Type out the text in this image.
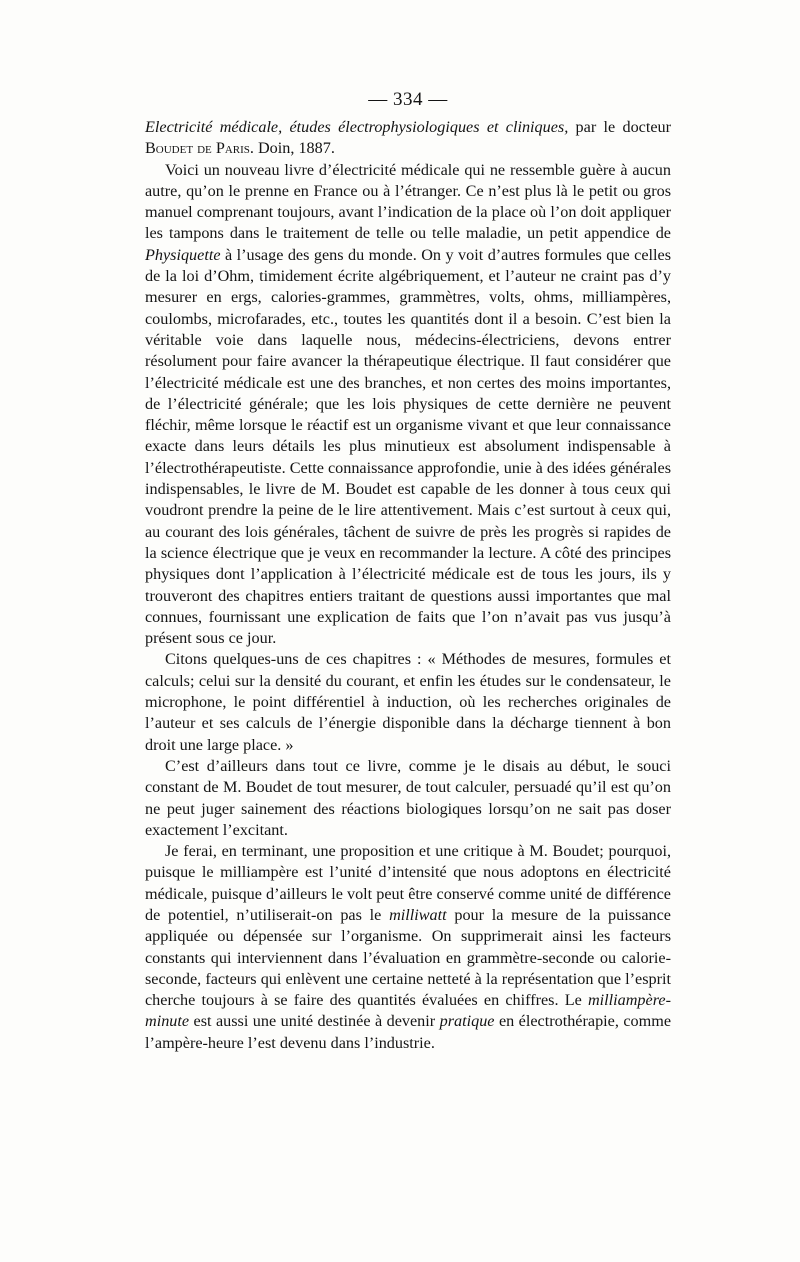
— 334 —

Electricité médicale, études électrophysiologiques et cliniques, par le docteur Boudet de Paris. Doin, 1887.

Voici un nouveau livre d’électricité médicale qui ne ressemble guère à aucun autre, qu’on le prenne en France ou à l’étranger. Ce n’est plus là le petit ou gros manuel comprenant toujours, avant l’indication de la place où l’on doit appliquer les tampons dans le traitement de telle ou telle maladie, un petit appendice de Physiquette à l’usage des gens du monde. On y voit d’autres formules que celles de la loi d’Ohm, timidement écrite algébriquement, et l’auteur ne craint pas d’y mesurer en ergs, calories-grammes, grammètres, volts, ohms, milliampères, coulombs, microfarades, etc., toutes les quantités dont il a besoin. C’est bien la véritable voie dans laquelle nous, médecins-électriciens, devons entrer résolument pour faire avancer la thérapeutique électrique. Il faut considérer que l’électricité médicale est une des branches, et non certes des moins importantes, de l’électricité générale; que les lois physiques de cette dernière ne peuvent fléchir, même lorsque le réactif est un organisme vivant et que leur connaissance exacte dans leurs détails les plus minutieux est absolument indispensable à l’électrothérapeutiste. Cette connaissance approfondie, unie à des idées générales indispensables, le livre de M. Boudet est capable de les donner à tous ceux qui voudront prendre la peine de le lire attentivement. Mais c’est surtout à ceux qui, au courant des lois générales, tâchent de suivre de près les progrès si rapides de la science électrique que je veux en recommander la lecture. A côté des principes physiques dont l’application à l’électricité médicale est de tous les jours, ils y trouveront des chapitres entiers traitant de questions aussi importantes que mal connues, fournissant une explication de faits que l’on n’avait pas vus jusqu’à présent sous ce jour.

Citons quelques-uns de ces chapitres : « Méthodes de mesures, formules et calculs; celui sur la densité du courant, et enfin les études sur le condensateur, le microphone, le point différentiel à induction, où les recherches originales de l’auteur et ses calculs de l’énergie disponible dans la décharge tiennent à bon droit une large place. »

C’est d’ailleurs dans tout ce livre, comme je le disais au début, le souci constant de M. Boudet de tout mesurer, de tout calculer, persuadé qu’il est qu’on ne peut juger sainement des réactions biologiques lorsqu’on ne sait pas doser exactement l’excitant.

Je ferai, en terminant, une proposition et une critique à M. Boudet; pourquoi, puisque le milliampère est l’unité d’intensité que nous adoptons en électricité médicale, puisque d’ailleurs le volt peut être conservé comme unité de différence de potentiel, n’utiliserait-on pas le milliwatt pour la mesure de la puissance appliquée ou dépensée sur l’organisme. On supprimerait ainsi les facteurs constants qui interviennent dans l’évaluation en grammètre-seconde ou calorie-seconde, facteurs qui enlèvent une certaine netteté à la représentation que l’esprit cherche toujours à se faire des quantités évaluées en chiffres. Le milliampère-minute est aussi une unité destinée à devenir pratique en électrothérapie, comme l’ampère-heure l’est devenu dans l’industrie.
